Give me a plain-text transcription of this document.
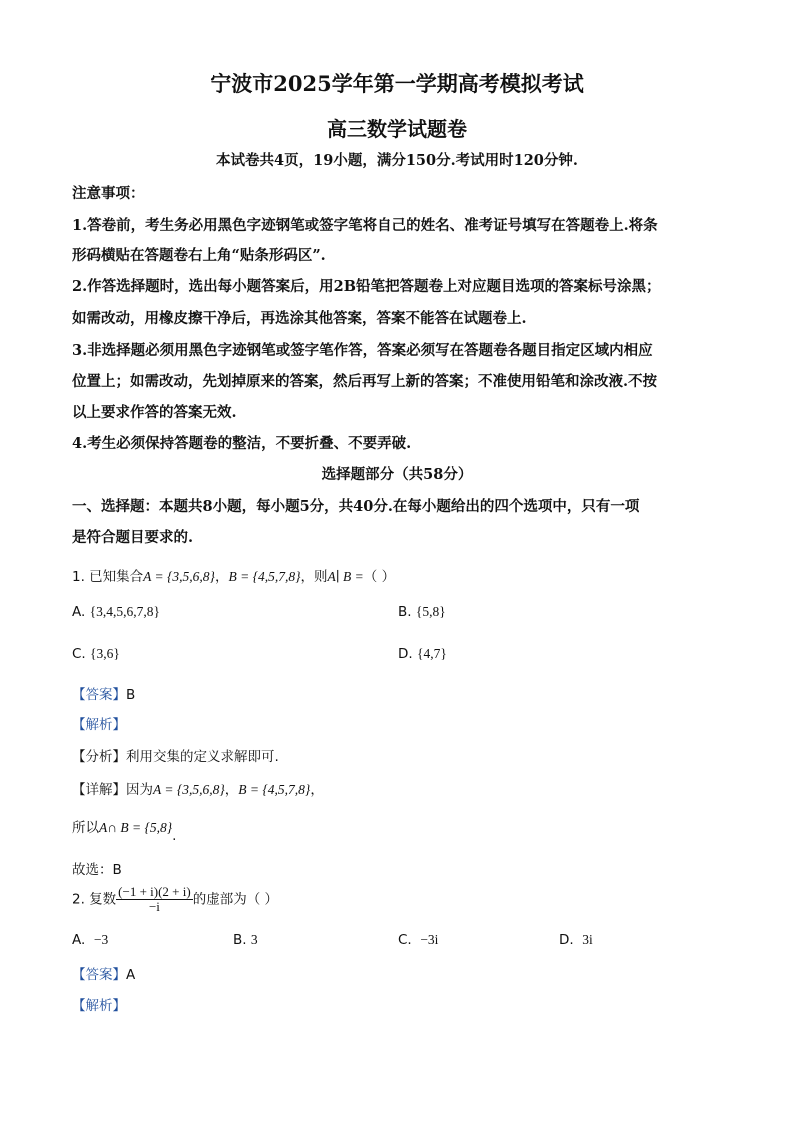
宁波市2025学年第一学期高考模拟考试
高三数学试题卷
本试卷共4页，19小题，满分150分.考试用时120分钟.
注意事项：
1.答卷前，考生务必用黑色字迹钢笔或签字笔将自己的姓名、准考证号填写在答题卷上.将条
形码横贴在答题卷右上角“贴条形码区”.
2.作答选择题时，选出每小题答案后，用2B铅笔把答题卷上对应题目选项的答案标号涂黑；
如需改动，用橡皮擦干净后，再选涂其他答案，答案不能答在试题卷上.
3.非选择题必须用黑色字迹钢笔或签字笔作答，答案必须写在答题卷各题目指定区域内相应
位置上；如需改动，先划掉原来的答案，然后再写上新的答案；不准使用铅笔和涂改液.不按
以上要求作答的答案无效.
4.考生必须保持答题卷的整洁，不要折叠、不要弄破.
选择题部分（共58分）
一、选择题：本题共8小题，每小题5分，共40分.在每小题给出的四个选项中，只有一项
是符合题目要求的.
1. 已知集合A = {3,5,6,8}，B = {4,5,7,8}，则A∣ B =（ ）
A. {3,4,5,6,7,8}	B. {5,8}
C. {3,6}	D. {4,7}
【答案】B
【解析】
【分析】利用交集的定义求解即可.
【详解】因为A = {3,5,6,8}，B = {4,5,7,8}，
所以A∩ B = {5,8}.
故选：B
2. 复数 $\frac{(-1 + i)(2 + i)}{-i}$ 的虚部为（ ）
A. −3	B. 3	C. −3i	D. 3i
【答案】A
【解析】
